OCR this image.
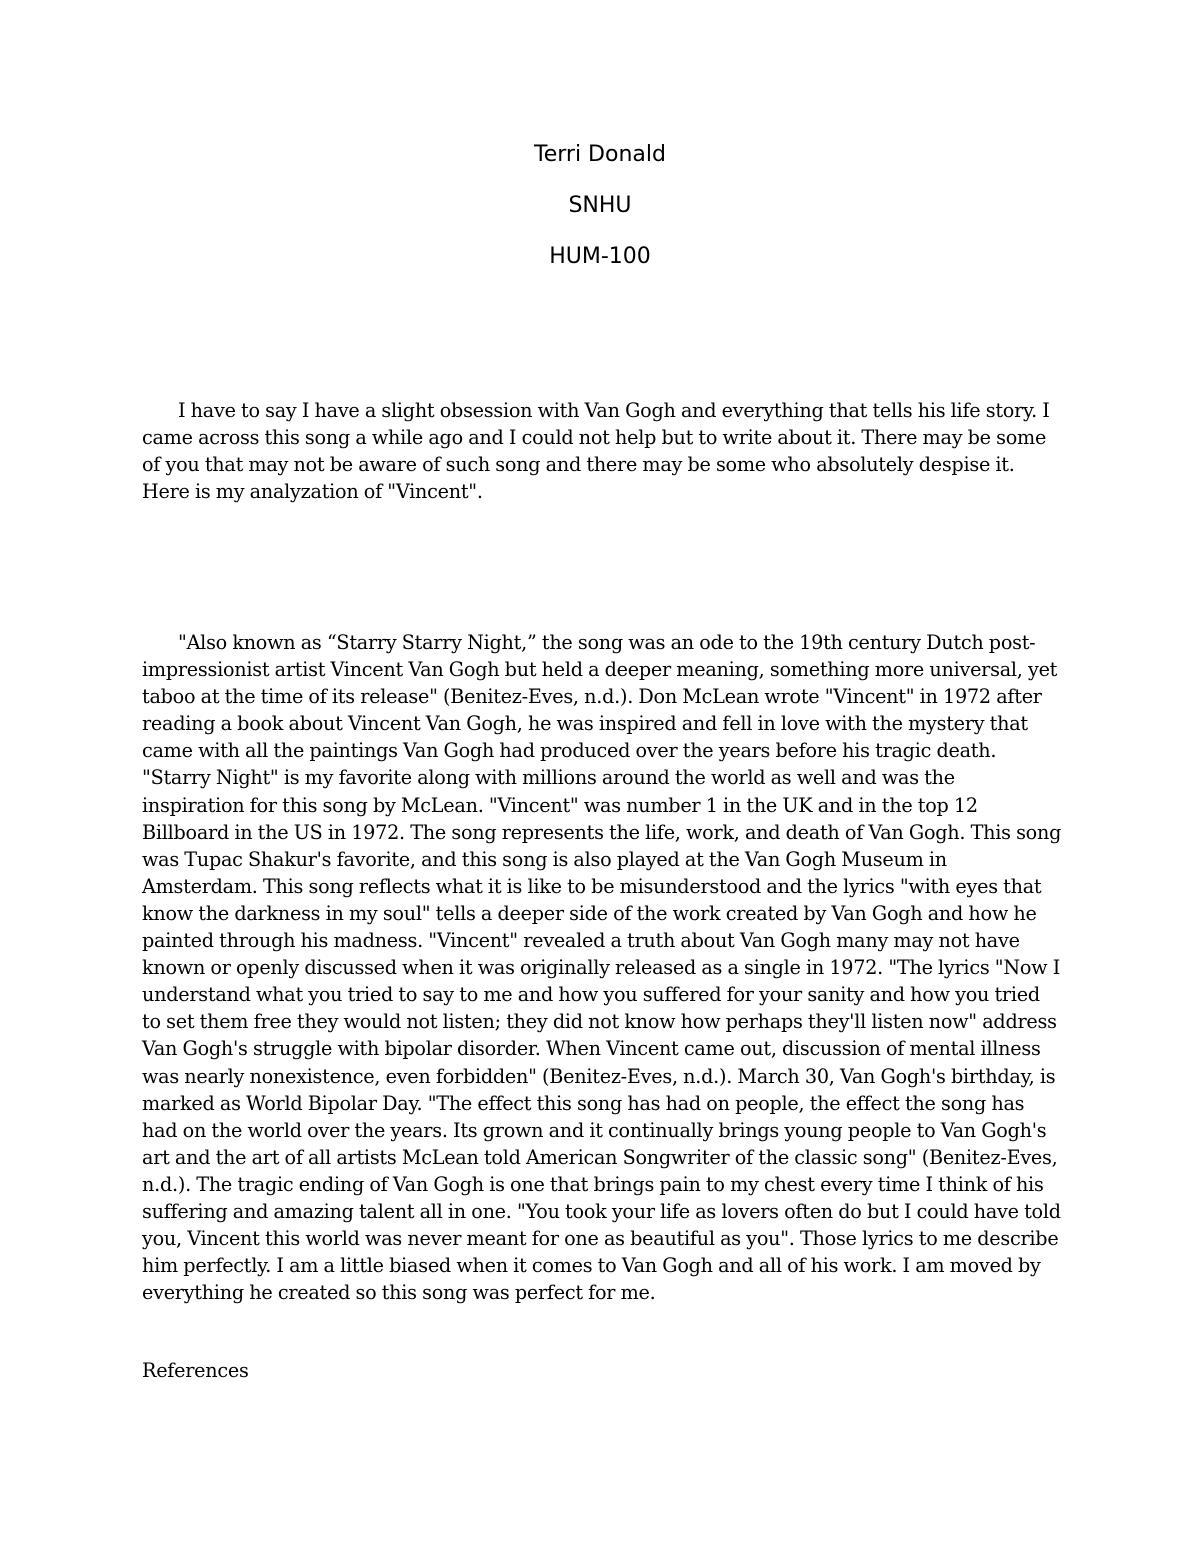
Terri Donald

SNHU

HUM-100

I have to say I have a slight obsession with Van Gogh and everything that tells his life story. I came across this song a while ago and I could not help but to write about it. There may be some of you that may not be aware of such song and there may be some who absolutely despise it. Here is my analyzation of "Vincent".

"Also known as “Starry Starry Night,” the song was an ode to the 19th century Dutch post-impressionist artist Vincent Van Gogh but held a deeper meaning, something more universal, yet taboo at the time of its release" (Benitez-Eves, n.d.). Don McLean wrote "Vincent" in 1972 after reading a book about Vincent Van Gogh, he was inspired and fell in love with the mystery that came with all the paintings Van Gogh had produced over the years before his tragic death. "Starry Night" is my favorite along with millions around the world as well and was the inspiration for this song by McLean. "Vincent" was number 1 in the UK and in the top 12 Billboard in the US in 1972. The song represents the life, work, and death of Van Gogh. This song was Tupac Shakur's favorite, and this song is also played at the Van Gogh Museum in Amsterdam. This song reflects what it is like to be misunderstood and the lyrics "with eyes that know the darkness in my soul" tells a deeper side of the work created by Van Gogh and how he painted through his madness. "Vincent" revealed a truth about Van Gogh many may not have known or openly discussed when it was originally released as a single in 1972. "The lyrics "Now I understand what you tried to say to me and how you suffered for your sanity and how you tried to set them free they would not listen; they did not know how perhaps they'll listen now" address Van Gogh's struggle with bipolar disorder. When Vincent came out, discussion of mental illness was nearly nonexistence, even forbidden" (Benitez-Eves, n.d.). March 30, Van Gogh's birthday, is marked as World Bipolar Day. "The effect this song has had on people, the effect the song has had on the world over the years. Its grown and it continually brings young people to Van Gogh's art and the art of all artists McLean told American Songwriter of the classic song" (Benitez-Eves, n.d.). The tragic ending of Van Gogh is one that brings pain to my chest every time I think of his suffering and amazing talent all in one. "You took your life as lovers often do but I could have told you, Vincent this world was never meant for one as beautiful as you". Those lyrics to me describe him perfectly. I am a little biased when it comes to Van Gogh and all of his work. I am moved by everything he created so this song was perfect for me.

References
